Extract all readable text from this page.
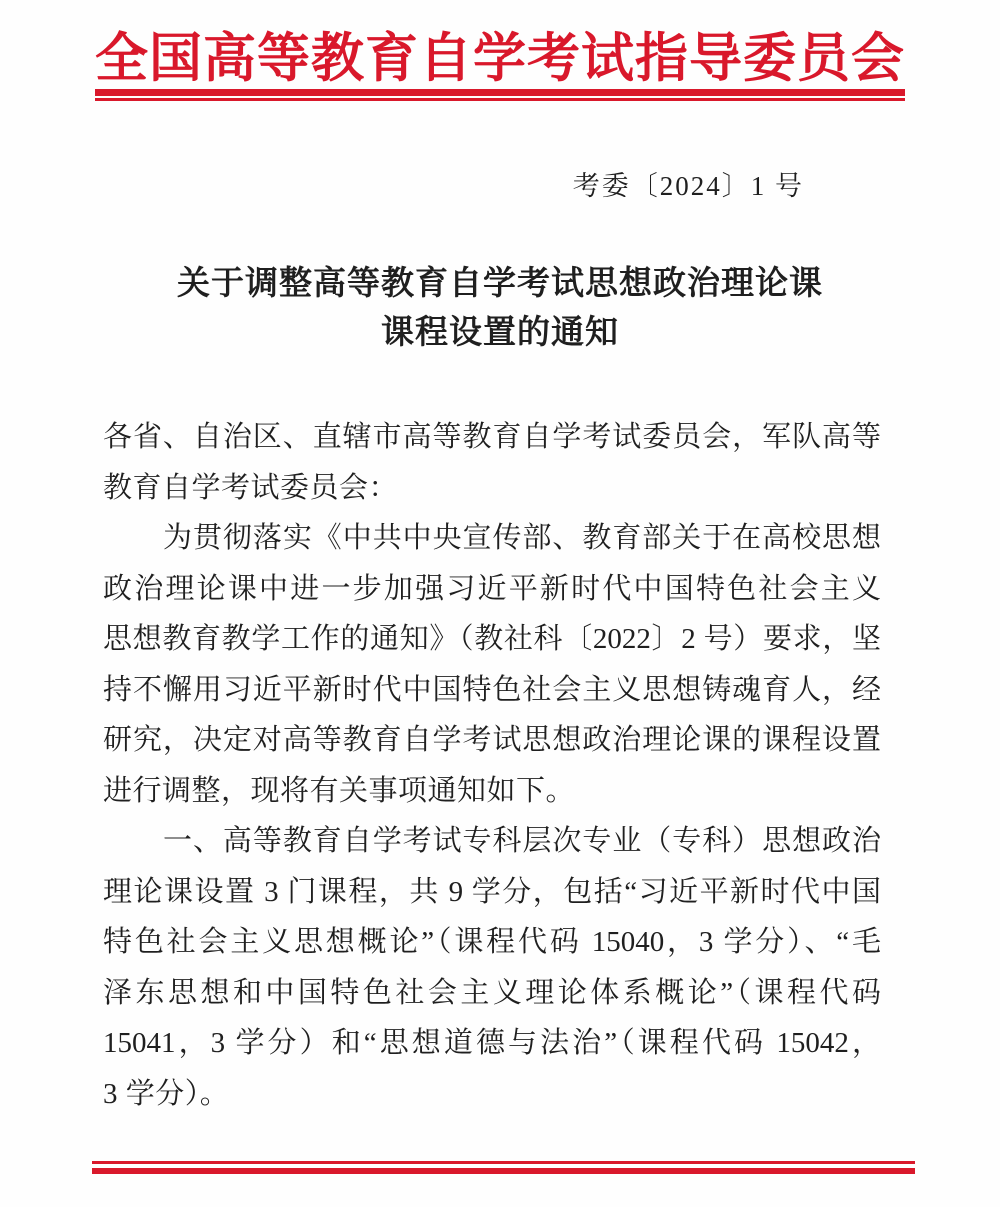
全国高等教育自学考试指导委员会
考委〔2024〕1 号
关于调整高等教育自学考试思想政治理论课
课程设置的通知
各省、自治区、直辖市高等教育自学考试委员会，军队高等
教育自学考试委员会：
为贯彻落实《中共中央宣传部、教育部关于在高校思想
政治理论课中进一步加强习近平新时代中国特色社会主义
思想教育教学工作的通知》（教社科〔2022〕2 号）要求，坚
持不懈用习近平新时代中国特色社会主义思想铸魂育人，经
研究，决定对高等教育自学考试思想政治理论课的课程设置
进行调整，现将有关事项通知如下。
一、高等教育自学考试专科层次专业（专科）思想政治
理论课设置 3 门课程，共 9 学分，包括“习近平新时代中国
特色社会主义思想概论”（课程代码 15040，3 学分）、“毛
泽东思想和中国特色社会主义理论体系概论”（课程代码
15041，3 学分）和“思想道德与法治”（课程代码 15042，
3 学分）。
